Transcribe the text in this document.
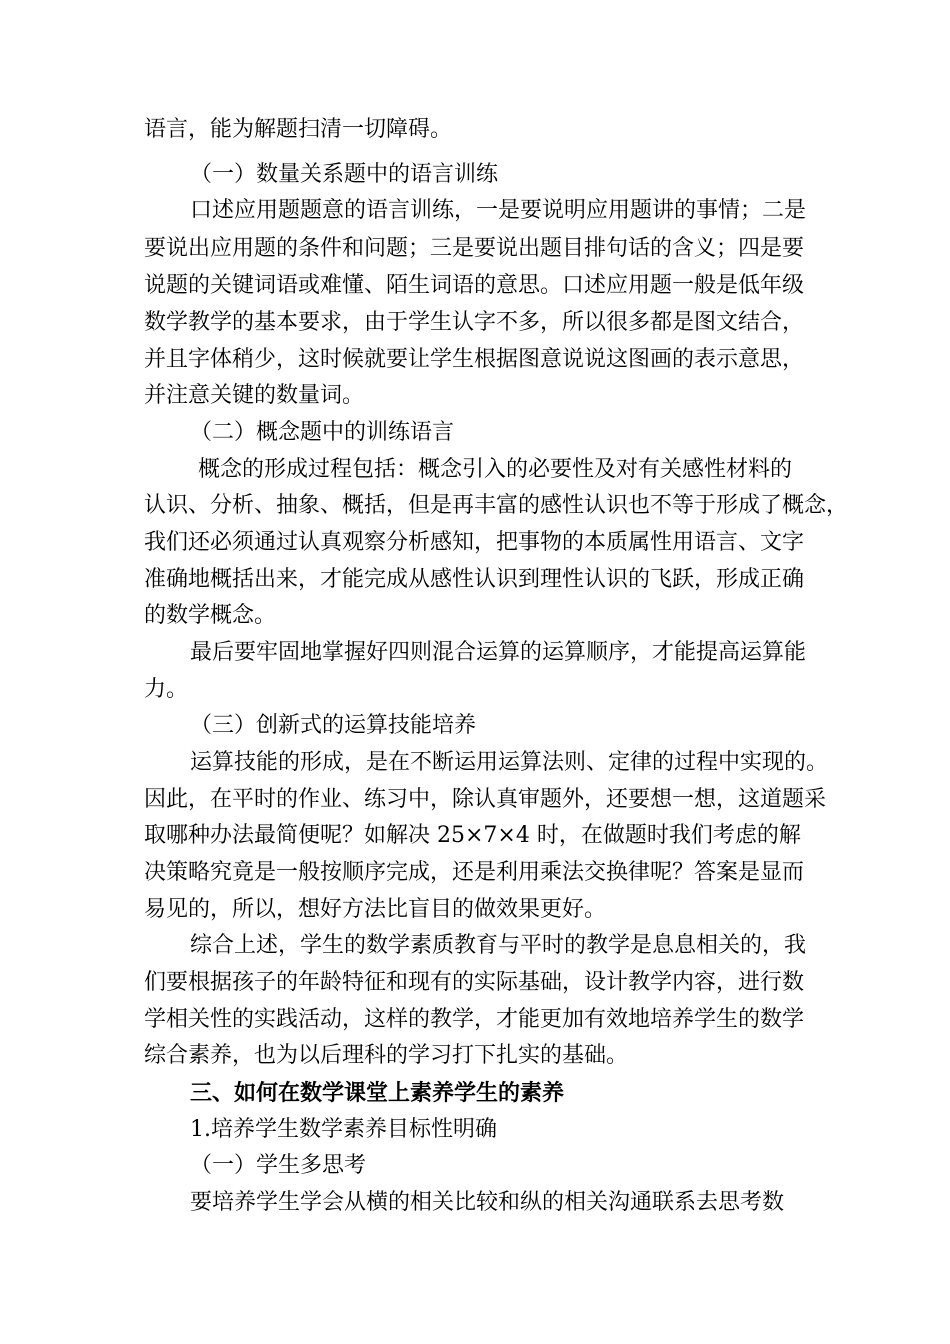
语言，能为解题扫清一切障碍。
（一）数量关系题中的语言训练
口述应用题题意的语言训练，一是要说明应用题讲的事情；二是
要说出应用题的条件和问题；三是要说出题目排句话的含义；四是要
说题的关键词语或难懂、陌生词语的意思。口述应用题一般是低年级
数学教学的基本要求，由于学生认字不多，所以很多都是图文结合，
并且字体稍少，这时候就要让学生根据图意说说这图画的表示意思，
并注意关键的数量词。
（二）概念题中的训练语言
概念的形成过程包括：概念引入的必要性及对有关感性材料的
认识、分析、抽象、概括，但是再丰富的感性认识也不等于形成了概念，
我们还必须通过认真观察分析感知，把事物的本质属性用语言、文字
准确地概括出来，才能完成从感性认识到理性认识的飞跃，形成正确
的数学概念。
最后要牢固地掌握好四则混合运算的运算顺序，才能提高运算能
力。
（三）创新式的运算技能培养
运算技能的形成，是在不断运用运算法则、定律的过程中实现的。
因此，在平时的作业、练习中，除认真审题外，还要想一想，这道题采
取哪种办法最简便呢？如解决 25×7×4 时，在做题时我们考虑的解
决策略究竟是一般按顺序完成，还是利用乘法交换律呢？答案是显而
易见的，所以，想好方法比盲目的做效果更好。
综合上述，学生的数学素质教育与平时的教学是息息相关的，我
们要根据孩子的年龄特征和现有的实际基础，设计教学内容，进行数
学相关性的实践活动，这样的教学，才能更加有效地培养学生的数学
综合素养，也为以后理科的学习打下扎实的基础。
三、如何在数学课堂上素养学生的素养
1.培养学生数学素养目标性明确
（一）学生多思考
要培养学生学会从横的相关比较和纵的相关沟通联系去思考数
